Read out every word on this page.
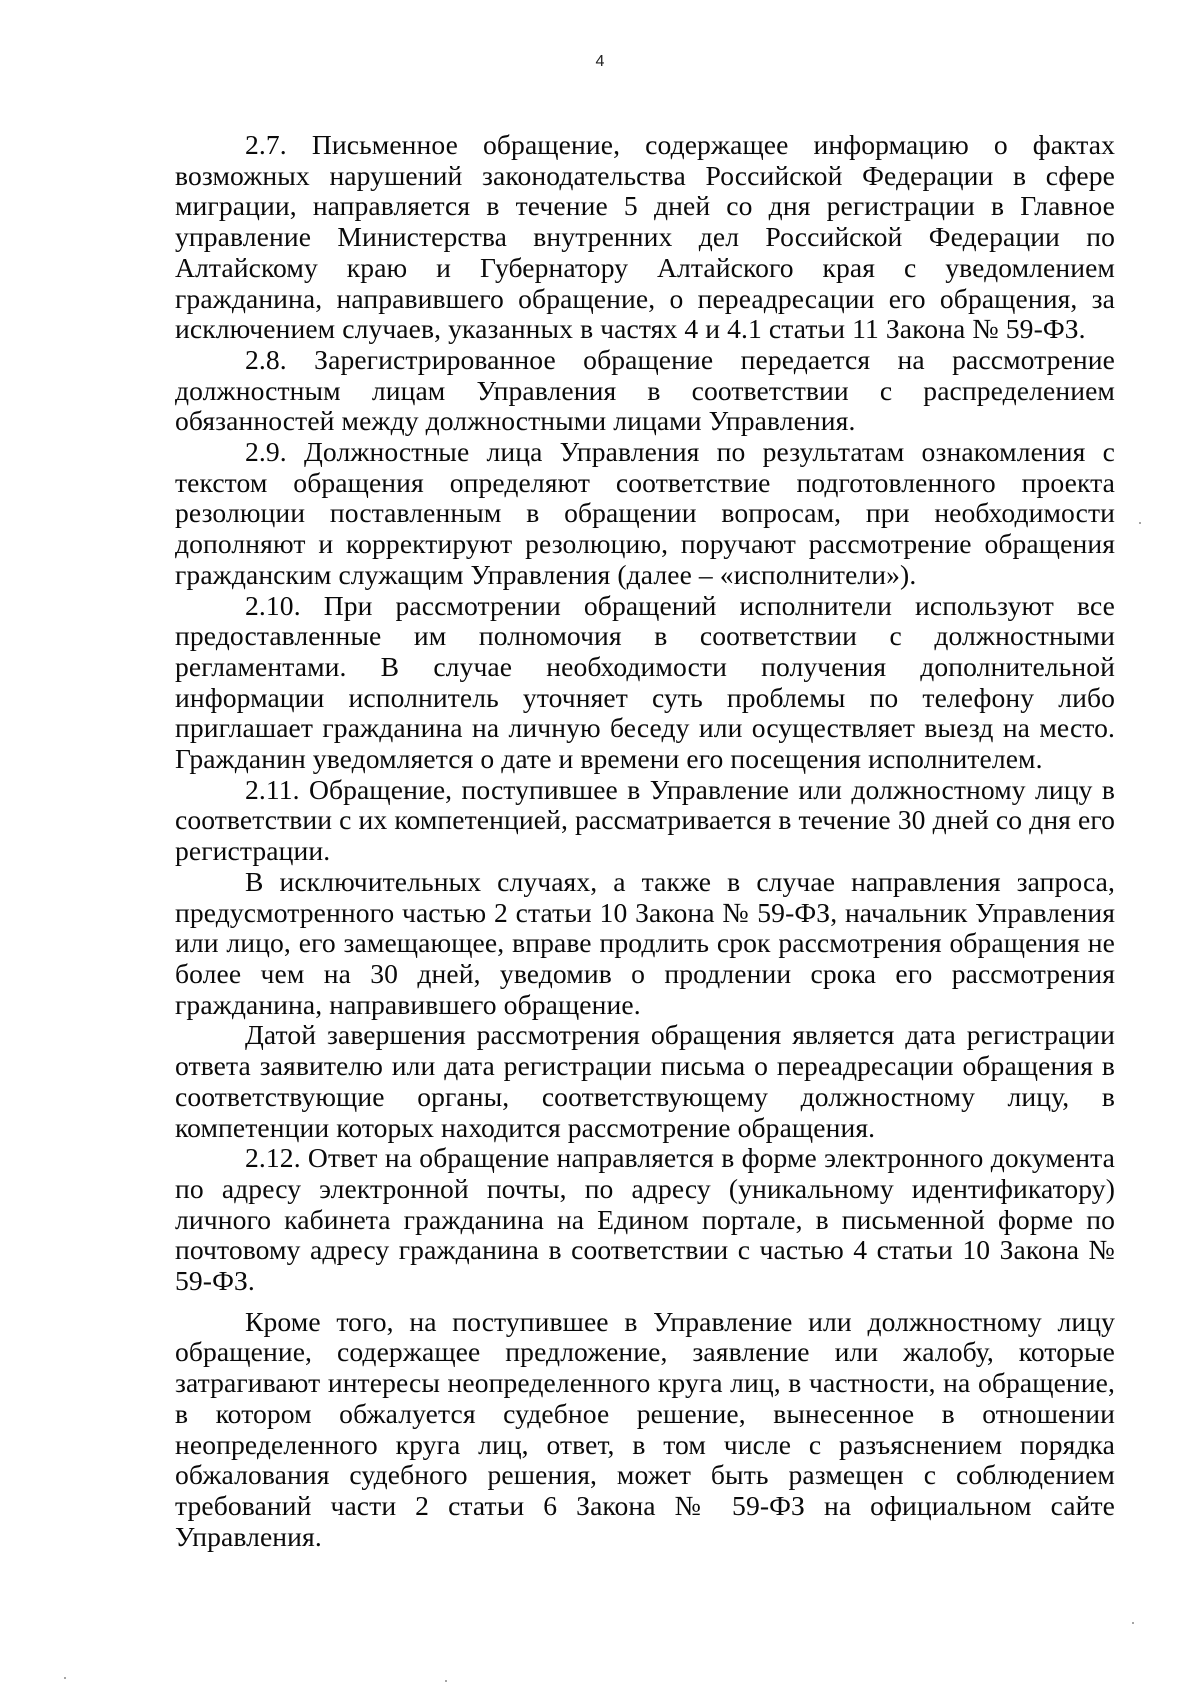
4

2.7. Письменное обращение, содержащее информацию о фактах возможных нарушений законодательства Российской Федерации в сфере миграции, направляется в течение 5 дней со дня регистрации в Главное управление Министерства внутренних дел Российской Федерации по Алтайскому краю и Губернатору Алтайского края с уведомлением гражданина, направившего обращение, о переадресации его обращения, за исключением случаев, указанных в частях 4 и 4.1 статьи 11 Закона № 59-ФЗ.

2.8. Зарегистрированное обращение передается на рассмотрение должностным лицам Управления в соответствии с распределением обязанностей между должностными лицами Управления.

2.9. Должностные лица Управления по результатам ознакомления с текстом обращения определяют соответствие подготовленного проекта резолюции поставленным в обращении вопросам, при необходимости дополняют и корректируют резолюцию, поручают рассмотрение обращения гражданским служащим Управления (далее – «исполнители»).

2.10. При рассмотрении обращений исполнители используют все предоставленные им полномочия в соответствии с должностными регламентами. В случае необходимости получения дополнительной информации исполнитель уточняет суть проблемы по телефону либо приглашает гражданина на личную беседу или осуществляет выезд на место. Гражданин уведомляется о дате и времени его посещения исполнителем.

2.11. Обращение, поступившее в Управление или должностному лицу в соответствии с их компетенцией, рассматривается в течение 30 дней со дня его регистрации.

В исключительных случаях, а также в случае направления запроса, предусмотренного частью 2 статьи 10 Закона № 59-ФЗ, начальник Управления или лицо, его замещающее, вправе продлить срок рассмотрения обращения не более чем на 30 дней, уведомив о продлении срока его рассмотрения гражданина, направившего обращение.

Датой завершения рассмотрения обращения является дата регистрации ответа заявителю или дата регистрации письма о переадресации обращения в соответствующие органы, соответствующему должностному лицу, в компетенции которых находится рассмотрение обращения.

2.12. Ответ на обращение направляется в форме электронного документа по адресу электронной почты, по адресу (уникальному идентификатору) личного кабинета гражданина на Едином портале, в письменной форме по почтовому адресу гражданина в соответствии с частью 4 статьи 10 Закона № 59-ФЗ.

Кроме того, на поступившее в Управление или должностному лицу обращение, содержащее предложение, заявление или жалобу, которые затрагивают интересы неопределенного круга лиц, в частности, на обращение, в котором обжалуется судебное решение, вынесенное в отношении неопределенного круга лиц, ответ, в том числе с разъяснением порядка обжалования судебного решения, может быть размещен с соблюдением требований части 2 статьи 6 Закона № 59-ФЗ на официальном сайте Управления.
